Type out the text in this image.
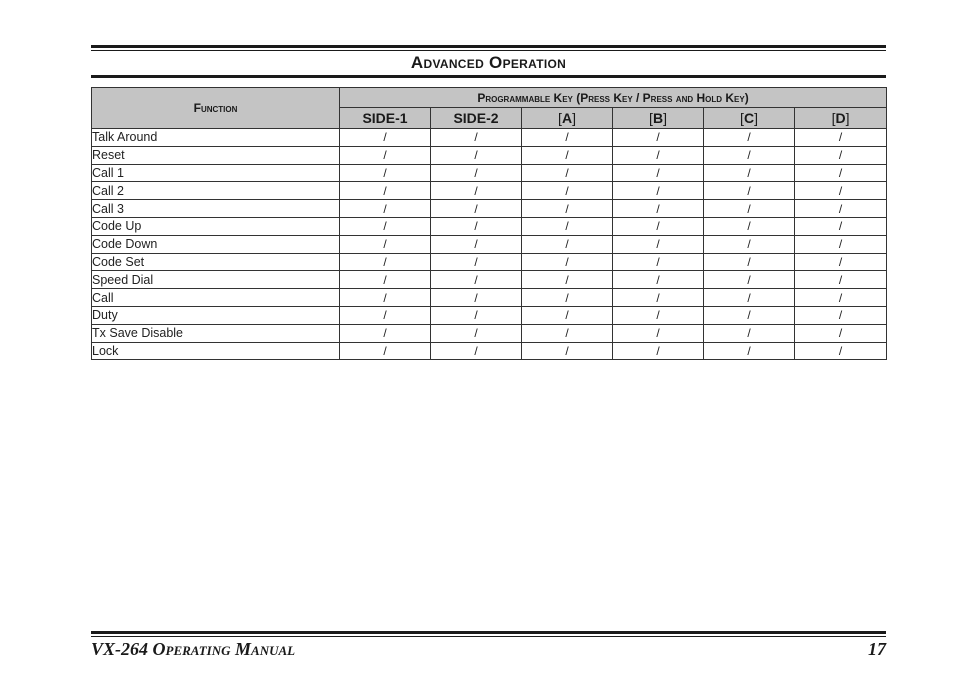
Advanced Operation
Function	Programmable Key (Press Key / Press and Hold Key)					
	SIDE-1	SIDE-2	[A]	[B]	[C]	[D]
Talk Around	/	/	/	/	/	/
Reset	/	/	/	/	/	/
Call 1	/	/	/	/	/	/
Call 2	/	/	/	/	/	/
Call 3	/	/	/	/	/	/
Code Up	/	/	/	/	/	/
Code Down	/	/	/	/	/	/
Code Set	/	/	/	/	/	/
Speed Dial	/	/	/	/	/	/
Call	/	/	/	/	/	/
Duty	/	/	/	/	/	/
Tx Save Disable	/	/	/	/	/	/
Lock	/	/	/	/	/	/
VX-264 Operating Manual	17
